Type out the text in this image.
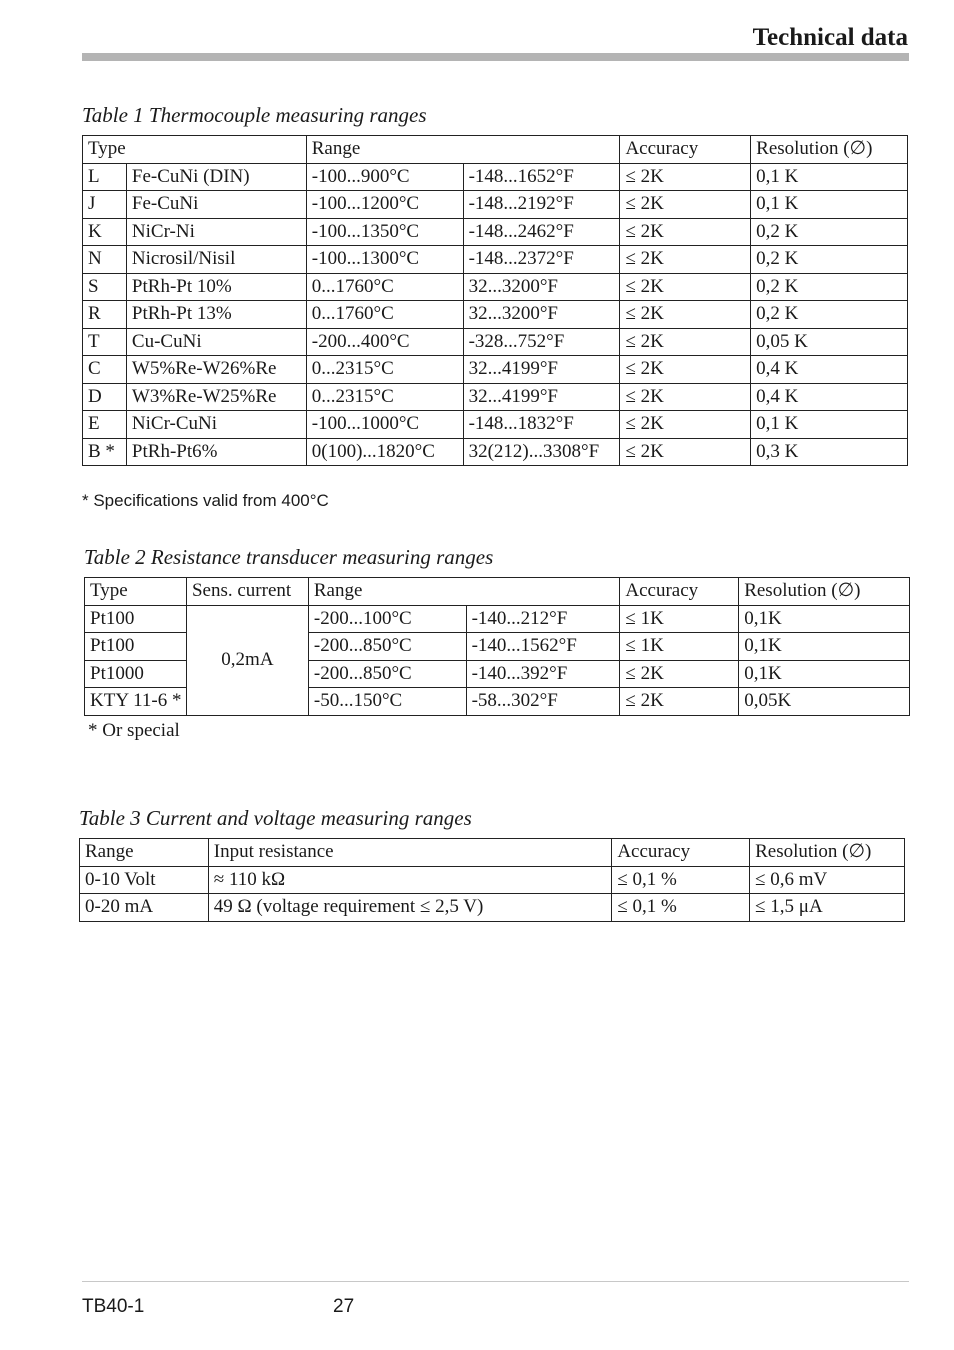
Technical data

Table 1 Thermocouple measuring ranges

Type		Range		Accuracy	Resolution (∅)
L	Fe-CuNi (DIN)	-100...900°C	-148...1652°F	≤ 2K	0,1 K
J	Fe-CuNi	-100...1200°C	-148...2192°F	≤ 2K	0,1 K
K	NiCr-Ni	-100...1350°C	-148...2462°F	≤ 2K	0,2 K
N	Nicrosil/Nisil	-100...1300°C	-148...2372°F	≤ 2K	0,2 K
S	PtRh-Pt 10%	0...1760°C	32...3200°F	≤ 2K	0,2 K
R	PtRh-Pt 13%	0...1760°C	32...3200°F	≤ 2K	0,2 K
T	Cu-CuNi	-200...400°C	-328...752°F	≤ 2K	0,05 K
C	W5%Re-W26%Re	0...2315°C	32...4199°F	≤ 2K	0,4 K
D	W3%Re-W25%Re	0...2315°C	32...4199°F	≤ 2K	0,4 K
E	NiCr-CuNi	-100...1000°C	-148...1832°F	≤ 2K	0,1 K
B *	PtRh-Pt6%	0(100)...1820°C	32(212)...3308°F	≤ 2K	0,3 K

* Specifications valid from 400°C

Table 2 Resistance transducer measuring ranges

Type	Sens. current	Range		Accuracy	Resolution (∅)
Pt100	0,2mA	-200...100°C	-140...212°F	≤ 1K	0,1K
Pt100		-200...850°C	-140...1562°F	≤ 1K	0,1K
Pt1000		-200...850°C	-140...392°F	≤ 2K	0,1K
KTY 11-6 *		-50...150°C	-58...302°F	≤ 2K	0,05K

* Or special

Table 3 Current and voltage measuring ranges

Range	Input resistance	Accuracy	Resolution (∅)
0-10 Volt	≈ 110 kΩ	≤ 0,1 %	≤ 0,6 mV
0-20 mA	49 Ω (voltage requirement ≤ 2,5 V)	≤ 0,1 %	≤ 1,5 μA
TB40-1	27
